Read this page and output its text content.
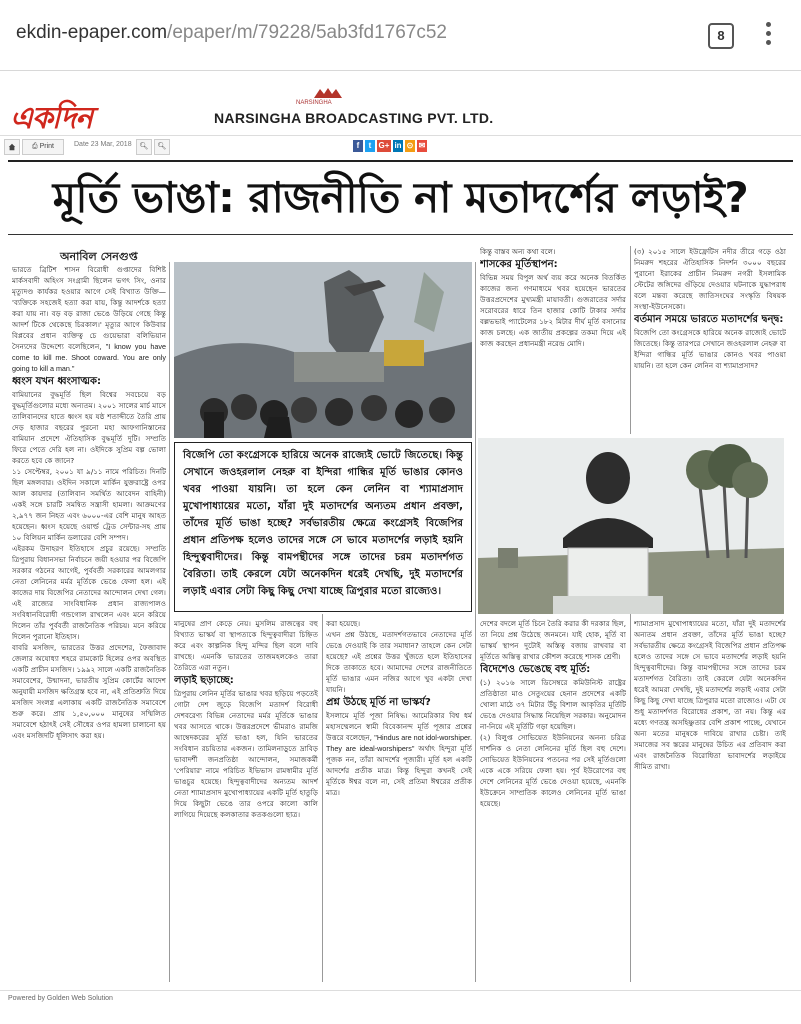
ekdin-epaper.com/epaper/m/79228/5ab3fd1767c52	8
একদিন	NARSINGHA
NARSINGHA BROADCASTING PVT. LTD.
⎙ Print	Date 23 Mar, 2018	🔍︎	🔍︎	f	t G+ in ⊙ ✉
মূর্তি ভাঙা: রাজনীতি না মতাদর্শের লড়াই?
অনাবিল সেনগুপ্ত
ভারতে ব্রিটিশ শাসন বিরোধী গুপ্তাদের বিশিষ্ট মার্কসবাদী অহিংস সংগ্রামী ছিলেন ভগৎ সিং, ওনার মৃত্যুদণ্ড কার্যকর হওয়ার আগে সেই বিখ্যাত উক্তি— 'ব্যক্তিকে সহজেই হত্যা করা যায়, কিন্তু আদর্শকে হত্যা করা যায় না। বড় বড় রাজা ভেঙে উড়িয়ে গেছে কিন্তু আদর্শ টিকে থেকেছে চিরকাল।' মৃত্যুর আগে কিউবার বিপ্লবের প্রধান ব্যক্তিত্ব চে গুয়েভারা বলিভিয়ান সৈন্যদের উদ্দেশ্যে বলেছিলেন, "I know you have come to kill me. Shoot coward. You are only going to kill a man."
ধ্বংস যখন ধ্বংসাত্মক:
বামিয়ানের বুদ্ধমূর্তি ছিল বিশ্বের সবচেয়ে বড় বুদ্ধমূর্তিগুলোর মধ্যে অন্যতম। ২০০১ সালের মার্চ মাসে তালিবানদের হাতে ধ্বংস হয় যষ্ঠ শতাব্দীতে তৈরি প্রায় দেড় হাজার বছরের পুরনো মহা আফগানিস্তানের বামিয়ান প্রদেশে ঐতিহাসিক বুদ্ধমূর্তি দুটি। সম্প্রতি ফিরে পেতে দেরি হল না। ওইদিকে সুপ্রিম বল্প ভোলা করতে হবে কে জানে?
১১ সেপ্টেম্বর, ২০০১ যা ৯/১১ নামে পরিচিত। দিনটি ছিল মঙ্গলবার। ওইদিন সকালে মার্কিন যুক্তরাষ্ট্রে ওপর আল কায়দার (তালিবান সমর্থিত আবেদন বাহিনী) একই সঙ্গে চারটি সমন্বিত সন্ত্রাসী হামলা। আক্রমণের ২,৯৭৭ জন নিহত এবং ৬০০০-এর বেশি মানুষ আহত হয়েছেন। ধ্বংস হয়েছে ওয়ার্ল্ড ট্রেড সেন্টার-সহ প্রায় ১০ বিলিয়ন মার্কিন ডলারের বেশি সম্পদ।
এইরকম উদাহরণ ইতিহাসে প্রচুর রয়েছে। সম্প্রতি ত্রিপুরায় বিধানসভা নির্বাচনে জয়ী হওয়ার পর বিজেপি সরকার গঠনের আগেই, পুর্ববর্তী সরকারের আমলগার নেতা লেনিনের মর্মর মূর্তিকে ভেঙে ফেলা হল। এই কাজের দায় বিজেপির নেতাদের আন্দোলন দেখা গেল। এই রাজ্যের সাংবিধানিক প্রধান রাজ্যপালও সংবিধানবিরোধী গন্ডগোল রাখলেন এবং মনে করিয়ে দিলেন তাঁর পুর্ববর্তী রাজনৈতিক পরিচয়। মনে করিয়ে দিলেন পুরানো ইতিহাস।
বাবরি মসজিদ, ভারতের উত্তর প্রদেশের, ফৈজাবাদ জেলার অযোধ্যা শহরে রামকোট হিলের ওপর অবস্থিত একটি প্রাচীন মসজিদ। ১৯৯২ সালে একটি রাজনৈতিক সমাবেশের, উন্মাদনা, ভারতীয় সুপ্রিম কোর্টের আদেশ অনুযায়ী মসজিদ ক্ষতিগ্রস্ত হবে না, এই প্রতিশ্রুতি দিয়ে মসজিদ সংলগ্ন এলাকায় একটি রাজনৈতিক সমাবেশে শুরু করে। প্রায় ১,৫০,০০০ মানুষের সম্মিলিত সমাবেশে হঠাৎই সেই সৌধের ওপর হামলা চালানো হয় এবং মসজিদটি ধূলিসাৎ করা হয়।
বিজেপি তো কংগ্রেসকে হারিয়ে অনেক রাজ্যেই ভোটে জিতেছে। কিন্তু সেখানে জওহরলাল নেহরু বা ইন্দিরা গান্ধির মূর্তি ভাঙার কোনও খবর পাওয়া যায়নি। তা হলে কেন লেনিন বা শ্যামাপ্রসাদ মুখোপাধ্যায়ের মতো, যাঁরা দুই মতাদর্শের অন্যতম প্রধান প্রবক্তা, তাঁদের মূর্তি ভাঙা হচ্ছে? সর্বভারতীয় ক্ষেত্রে কংগ্রেসই বিজেপির প্রধান প্রতিপক্ষ হলেও তাদের সঙ্গে সে ভাবে মতাদর্শের লড়াই হয়নি হিন্দুত্ববাদীদের। কিন্তু বামপন্থীদের সঙ্গে তাদের চরম মতাদর্শগত বৈরিতা। তাই কেরলে যেটা অনেকদিন ধরেই দেখছি, দুই মতাদর্শের লড়াই এবার সেটা কিছু কিছু দেখা যাচ্ছে ত্রিপুরার মতো রাজ্যেও।
মানুষের প্রাণ কেড়ে নেয়। মুসলিম রাজত্বের বহু বিখ্যাত ভাস্কর্য বা স্থাপত্যকে হিন্দুত্ববাদীরা চিহ্নিত করে এবং কাল্পনিক হিন্দু মন্দির ছিল বলে দাবি রাখছে। এমনকি ভারতের তাজমহলকেও তারা তৈরিতে এরা নতুন।
লড়াই ছড়াচ্ছে:
ত্রিপুরায় লেনিন মূর্তির ভাঙার খবর ছড়িয়ে পড়তেই গোটা দেশ জুড়ে বিজেপি মতাদর্শ বিরোধী দেশবরেণ্য বিভিন্ন নেতাদের মর্মর মূর্তিকে ভাঙার খবর আসতে থাকে। উত্তরপ্রদেশে ভীমরাও রামজি আম্বেদকরের মূর্তি ভাঙা হল, যিনি ভারতের সংবিধান রচয়িতার একজন। তামিলনাড়ুতে দ্রাবিড় ভাবাদর্শী জনপ্রতিষ্ঠা আন্দোলন, সমাজকর্মী 'পেরিয়ার' নামে পরিচিত ইভিভাস রামস্বামীর মূর্তি ভাঙচুর হয়েছে। হিন্দুত্ববাদীদের অন্যতম আদর্শ নেতা শ্যামাপ্রসাদ মুখোপাধ্যায়ের একটি মূর্তি হাতুড়ি দিয়ে কিছুটা ভেঙে তার ওপরে কালো কালি লাগিয়ে দিয়েছে কলকাতার কতকগুলো ছাত্র।
করা হয়েছে।
এখন প্রশ্ন উঠছে, মতাদর্শগতভাবে নেতাদের মূর্তি ভেঙে দেওয়াই কি তার সমাধান? তাহলে কেন সেটা হয়েছে? এই প্রশ্নের উত্তর খুঁজতে হলে ইতিহাসের দিকে তাকাতে হবে। আমাদের দেশের রাজনীতিতে মূর্তি ভাঙার এমন নজির আগে খুব একটা দেখা যায়নি।
প্রশ্ন উঠছে মূর্তি না ভাস্কর্য?
ইসলামে মূর্তি পূজা নিষিদ্ধ। আমেরিকার বিশ্ব ধর্ম মহাসম্মেলনে স্বামী বিবেকানন্দ মূর্তি পূজার প্রশ্নের উত্তরে বলেছেন, "Hindus are not idol-worshiper. They are ideal-worshipers" অর্থাৎ হিন্দুরা মূর্তি পূজক নন, তাঁরা আদর্শের পূজারী। মূর্তি হল একটি আদর্শের প্রতীক মাত্র। কিন্তু হিন্দুরা কখনই সেই মূর্তিকে ঈশ্বর বলে না, সেই প্রতিমা ঈশ্বরের প্রতীক মাত্র।
কিন্তু বাস্তব অন্য কথা বলে।
শাসকের মূর্তিস্থাপন:
বিভিন্ন সময় বিপুল অর্থ ব্যয় করে অনেক বিতর্কিত কাজের জন্য গণমাধ্যমে খবর হয়েছেন ভারতের উত্তরপ্রদেশের মুখ্যমন্ত্রী মায়াবতী। গুজরাতের সর্দার সরোবরের ধারে তিন হাজার কোটি টাকার সর্দার বল্লভভাই প্যাটেলের ১৮২ মিটার দীর্ঘ মূর্তি বসানোর কাজ চলছে। এক জাতীয় প্রকল্পের তকমা দিয়ে এই কাজ করছেন প্রধানমন্ত্রী নরেন্দ্র মোদি।
(৩) ২০১৫ সালে ইউফ্রেটিস নদীর তীরে গড়ে ওঠা নিমরুদ শহরের ঐতিহাসিক নিদর্শন ৩০০০ বছরের পুরানো ইরাকের প্রাচীন নিমরুদ নগরী ইসলামিক স্টেটের জঙ্গিদের গুঁড়িয়ে দেওয়ার ঘটনাকে যুদ্ধাপরাধ বলে মন্তব্য করেছে জাতিসংঘের সংস্কৃতি বিষয়ক সংস্থা-ইউনেসকো।
বর্তমান সময়ে ভারতে মতাদর্শের দ্বন্দ্ব:
বিজেপি তো কংগ্রেসকে হারিয়ে অনেক রাজ্যেই ভোটে জিতেছে। কিন্তু তারপরে সেখানে জওহরলাল নেহরু বা ইন্দিরা গান্ধির মূর্তি ভাঙার কোনও খবর পাওয়া যায়নি। তা হলে কেন লেনিন বা শ্যামাপ্রসাদ?
দেশের বদলে মূর্তি চিনে তৈরি করার কী দরকার ছিল, তা নিয়ে প্রশ্ন উঠেছে জনমনে। যাই হোক, মূর্তি বা ভাস্কর্য স্থাপন দুটোই অস্তিত্ব বজায় রাখবার বা মূর্তিতে অস্তিত্ব রাখার কৌশল করেছে শাসক শ্রেণী।
বিদেশেও ভেঙেছে বহু মূর্তি:
(১) ২০১৬ সালে ডিসেম্বরে কমিউনিস্ট রাষ্ট্রের প্রতিষ্ঠাতা মাও সেতুংয়ের হেনান প্রদেশের একটি খোলা মাঠে ৩৭ মিটার উঁচু বিশাল আকৃতির মূর্তিটি ভেঙে দেওয়ার সিদ্ধান্ত নিয়েছিল সরকার। অনুমোদন না-নিয়ে এই মূর্তিটি গড়া হয়েছিল।
(২) বিলুপ্ত সোভিয়েত ইউনিয়নের অনন্য চরিত্র দার্শনিক ও নেতা লেনিনের মূর্তি ছিল বহু দেশে। সোভিয়েত ইউনিয়নের পতনের পর সেই মূর্তিগুলো একে একে সরিয়ে ফেলা হয়। পূর্ব ইউরোপের বহু দেশে লেনিনের মূর্তি ভেঙে দেওয়া হয়েছে, এমনকি ইউক্রেনে সাম্প্রতিক কালেও লেনিনের মূর্তি ভাঙা হয়েছে।
শ্যামাপ্রসাদ মুখোপাধ্যায়ের মতো, যাঁরা দুই মতাদর্শের অন্যতম প্রধান প্রবক্তা, তাঁদের মূর্তি ভাঙা হচ্ছে? সর্বভারতীয় ক্ষেত্রে কংগ্রেসই বিজেপির প্রধান প্রতিপক্ষ হলেও তাদের সঙ্গে সে ভাবে মতাদর্শের লড়াই হয়নি হিন্দুত্ববাদীদের। কিন্তু বামপন্থীদের সঙ্গে তাদের চরম মতাদর্শগত বৈরিতা। তাই কেরলে যেটা অনেকদিন ধরেই আমরা দেখছি, দুই মতাদর্শের লড়াই এবার সেটা কিছু কিছু দেখা যাচ্ছে ত্রিপুরার মতো রাজ্যেও। এটা যে শুধু মতাদর্শগত বিরোধের প্রকাশ, তা নয়। কিন্তু এর মধ্যে গণতন্ত্র অসহিষ্ণুতার বেশি প্রকাশ পাচ্ছে, যেখানে অন্য মতের মানুষকে দাবিয়ে রাখার চেষ্টা। তাই সমাজের সব স্তরের মানুষের উচিত এর প্রতিবাদ করা এবং রাজনৈতিক বিরোধিতা ভাবাদর্শের লড়াইয়ে সীমিত রাখা।
Powered by Golden Web Solution
